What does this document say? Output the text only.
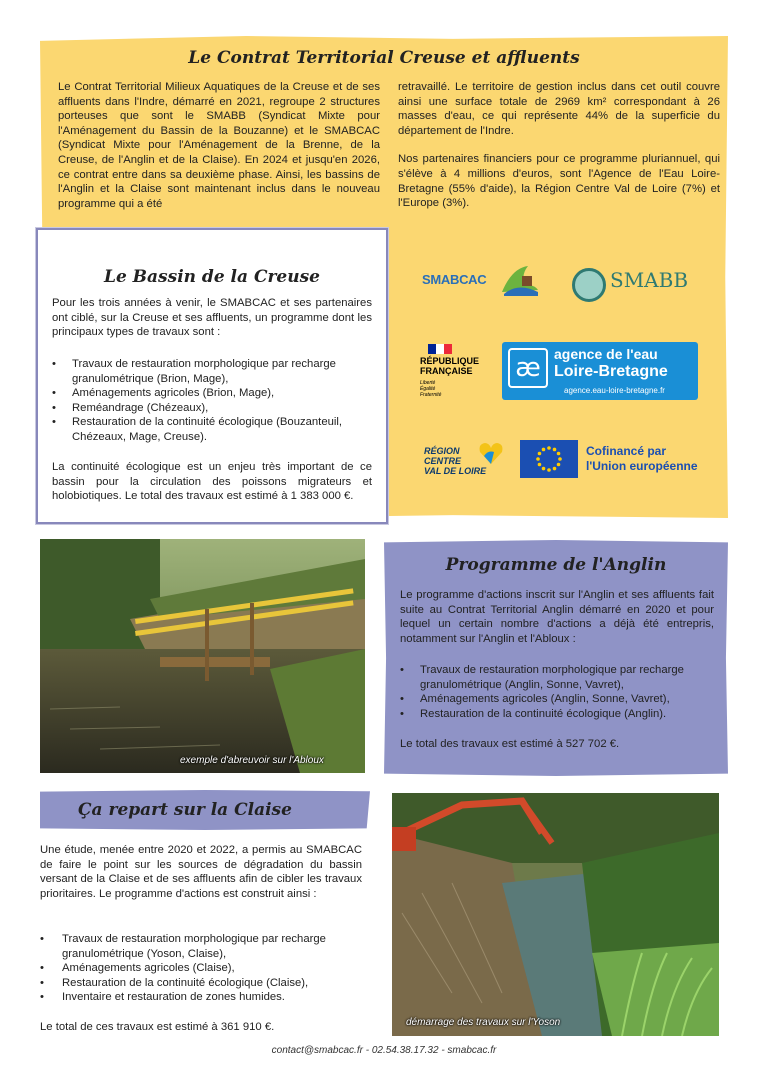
Le Contrat Territorial Creuse et affluents

Le Contrat Territorial Milieux Aquatiques de la Creuse et de ses affluents dans l'Indre, démarré en 2021, regroupe 2 structures porteuses que sont le SMABB (Syndicat Mixte pour l'Aménagement du Bassin de la Bouzanne) et le SMABCAC (Syndicat Mixte pour l'Aménagement de la Brenne, de la Creuse, de l'Anglin et de la Claise). En 2024 et jusqu'en 2026, ce contrat entre dans sa deuxième phase. Ainsi, les bassins de l'Anglin et la Claise sont maintenant inclus dans le nouveau programme qui a été

retravaillé. Le territoire de gestion inclus dans cet outil couvre ainsi une surface totale de 2969 km² correspondant à 26 masses d'eau, ce qui représente 44% de la superficie du département de l'Indre.

Nos partenaires financiers pour ce programme pluriannuel, qui s'élève à 4 millions d'euros, sont l'Agence de l'Eau Loire-Bretagne (55% d'aide), la Région Centre Val de Loire (7%) et l'Europe (3%).

Le Bassin de la Creuse

Pour les trois années à venir, le SMABCAC et ses partenaires ont ciblé, sur la Creuse et ses affluents, un programme dont les principaux types de travaux sont :

• Travaux de restauration morphologique par recharge granulométrique (Brion, Mage),
• Aménagements agricoles (Brion, Mage),
• Reméandrage (Chézeaux),
• Restauration de la continuité écologique (Bouzanteuil, Chézeaux, Mage, Creuse).

La continuité écologique est un enjeu très important de ce bassin pour la circulation des poissons migrateurs et holobiotiques. Le total des travaux est estimé à 1 383 000 €.

SMABCAC	SMABB
RÉPUBLIQUE
FRANÇAISE
Liberté
Égalité
Fraternité
æ agence de l'eau
Loire-Bretagne
agence.eau-loire-bretagne.fr
RÉGION
CENTRE
VAL DE LOIRE
Cofinancé par
l'Union européenne
exemple d'abreuvoir sur l'Abloux
Programme de l'Anglin

Le programme d'actions inscrit sur l'Anglin et ses affluents fait suite au Contrat Territorial Anglin démarré en 2020 et pour lequel un certain nombre d'actions a déjà été entrepris, notamment sur l'Anglin et l'Abloux :

• Travaux de restauration morphologique par recharge granulométrique (Anglin, Sonne, Vavret),
• Aménagements agricoles (Anglin, Sonne, Vavret),
• Restauration de la continuité écologique (Anglin).

Le total des travaux est estimé à 527 702 €.

Ça repart sur la Claise

Une étude, menée entre 2020 et 2022, a permis au SMABCAC de faire le point sur les sources de dégradation du bassin versant de la Claise et de ses affluents afin de cibler les travaux prioritaires. Le programme d'actions est construit ainsi :

• Travaux de restauration morphologique par recharge granulométrique (Yoson, Claise),
• Aménagements agricoles (Claise),
• Restauration de la continuité écologique (Claise),
• Inventaire et restauration de zones humides.

Le total de ces travaux est estimé à 361 910 €.	démarrage des travaux sur l'Yoson
contact@smabcac.fr - 02.54.38.17.32 - smabcac.fr
